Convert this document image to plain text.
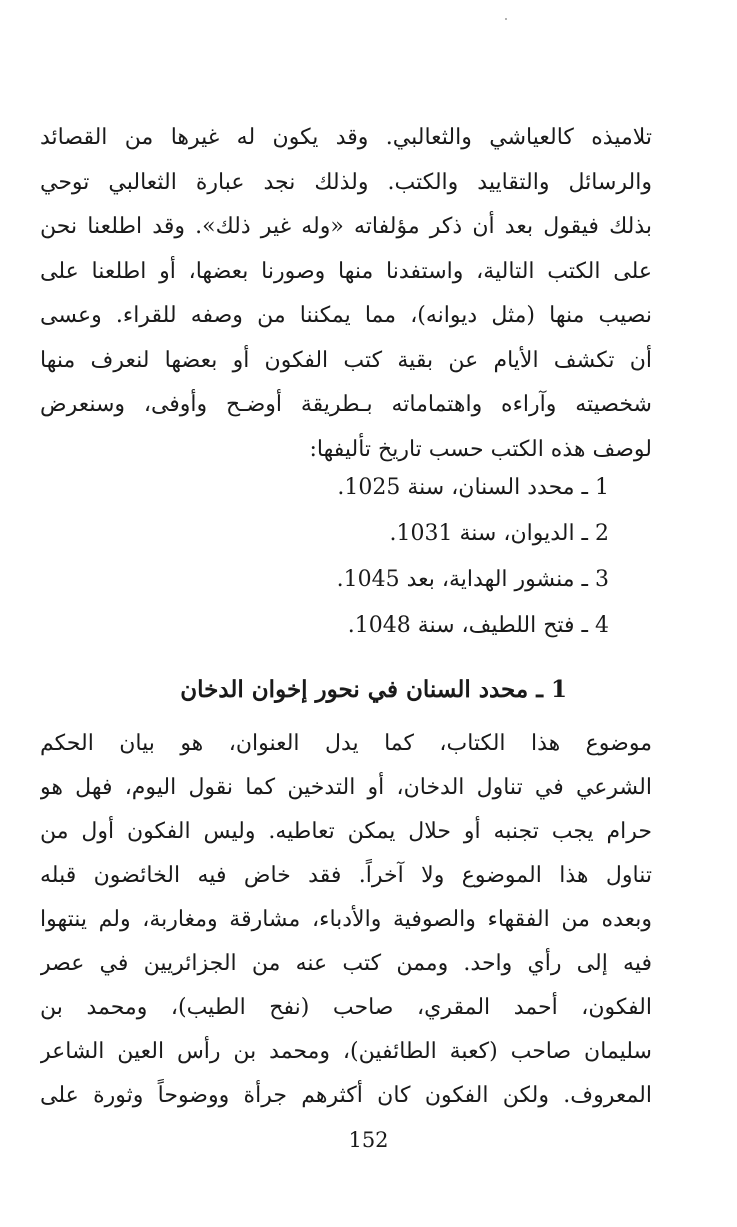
تلاميذه كالعياشي والثعالبي. وقد يكون له غيرها من القصائد
والرسائل والتقاييد والكتب. ولذلك نجد عبارة الثعالبي توحي
بذلك فيقول بعد أن ذكر مؤلفاته «وله غير ذلك». وقد اطلعنا نحن
على الكتب التالية، واستفدنا منها وصورنا بعضها، أو اطلعنا على
نصيب منها (مثل ديوانه)، مما يمكننا من وصفه للقراء. وعسى
أن تكشف الأيام عن بقية كتب الفكون أو بعضها لنعرف منها
شخصيته وآراءه واهتماماته بـطريقة أوضـح وأوفى، وسنعرض
لوصف هذه الكتب حسب تاريخ تأليفها:
1 ـ محدد السنان، سنة 1025.
2 ـ الديوان، سنة 1031.
3 ـ منشور الهداية، بعد 1045.
4 ـ فتح اللطيف، سنة 1048.
1 ـ محدد السنان في نحور إخوان الدخان
موضوع هذا الكتاب، كما يدل العنوان، هو بيان الحكم
الشرعي في تناول الدخان، أو التدخين كما نقول اليوم، فهل هو
حرام يجب تجنبه أو حلال يمكن تعاطيه. وليس الفكون أول من
تناول هذا الموضوع ولا آخراً. فقد خاض فيه الخائضون قبله
وبعده من الفقهاء والصوفية والأدباء، مشارقة ومغاربة، ولم ينتهوا
فيه إلى رأي واحد. وممن كتب عنه من الجزائريين في عصر
الفكون، أحمد المقري، صاحب (نفح الطيب)، ومحمد بن
سليمان صاحب (كعبة الطائفين)، ومحمد بن رأس العين الشاعر
المعروف. ولكن الفكون كان أكثرهم جرأة ووضوحاً وثورة على
152
